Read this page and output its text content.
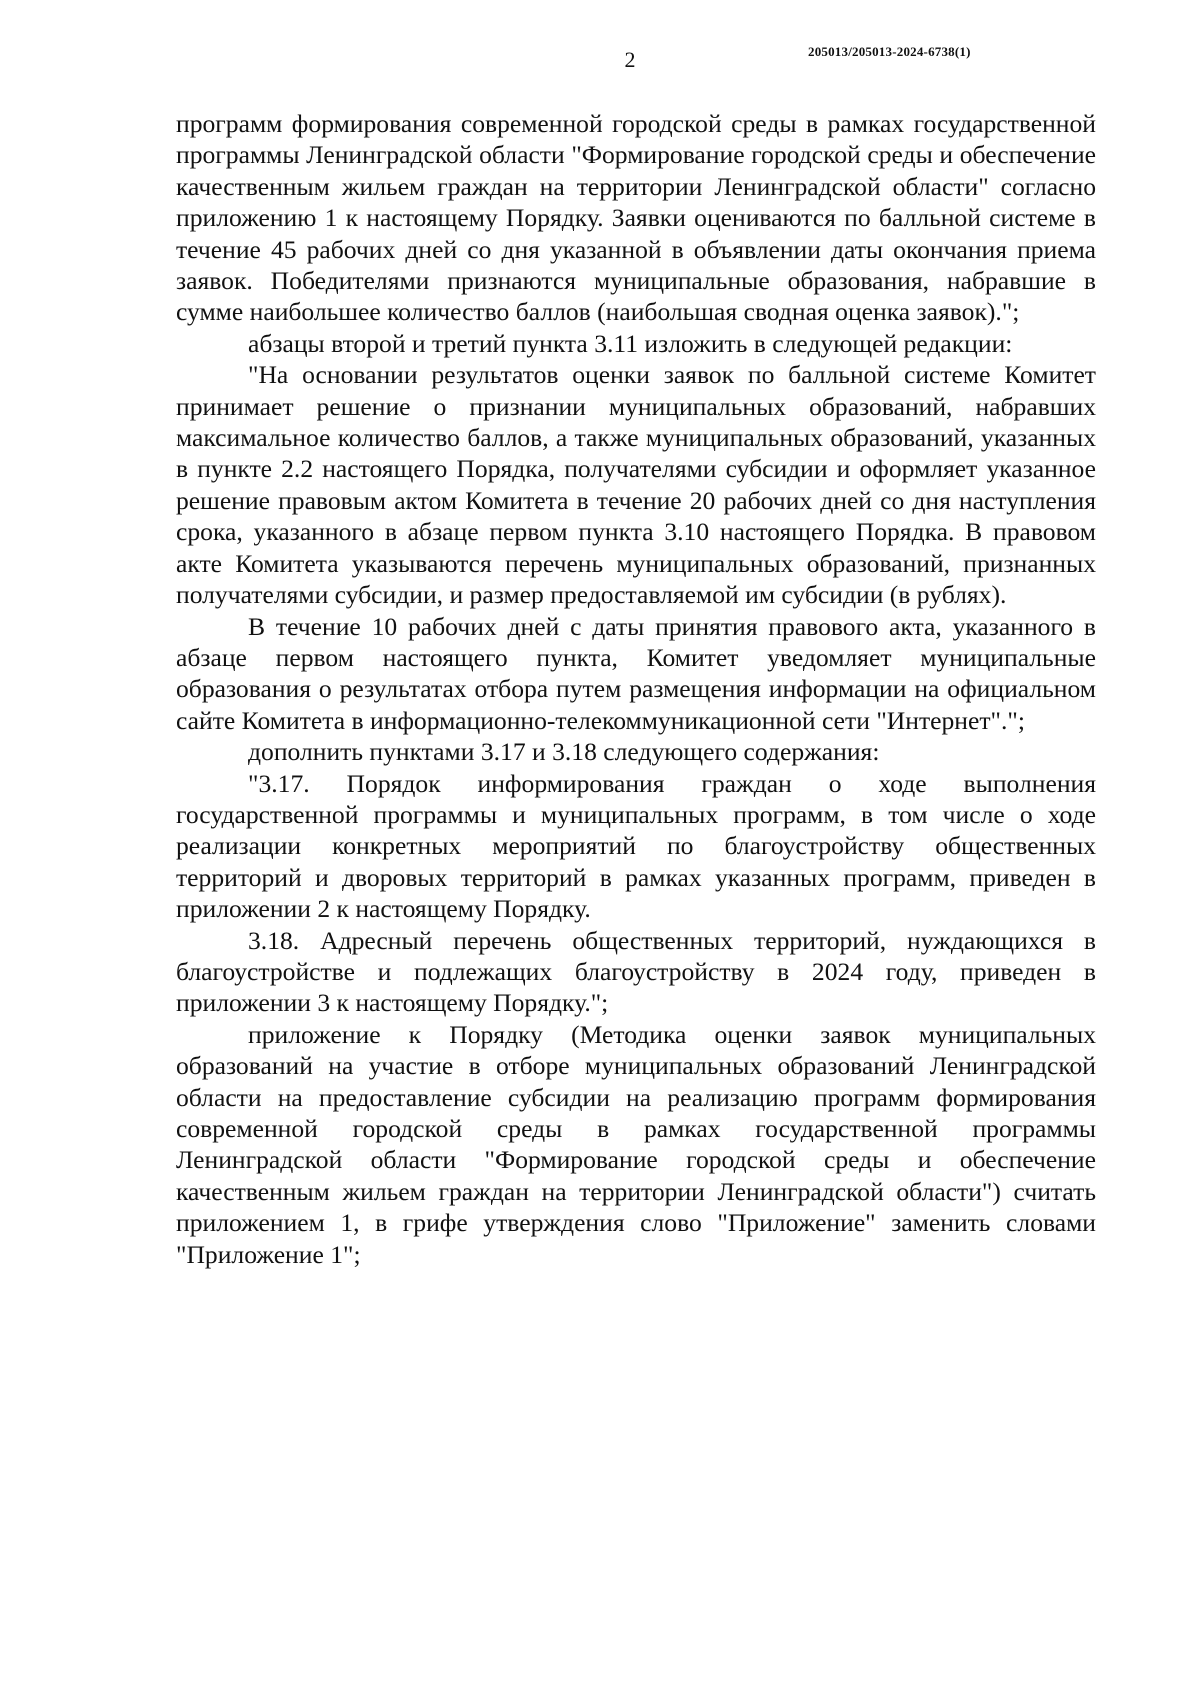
2	205013/205013-2024-6738(1)

программ формирования современной городской среды в рамках государственной программы Ленинградской области "Формирование городской среды и обеспечение качественным жильем граждан на территории Ленинградской области" согласно приложению 1 к настоящему Порядку. Заявки оцениваются по балльной системе в течение 45 рабочих дней со дня указанной в объявлении даты окончания приема заявок. Победителями признаются муниципальные образования, набравшие в сумме наибольшее количество баллов (наибольшая сводная оценка заявок).";

абзацы второй и третий пункта 3.11 изложить в следующей редакции:

"На основании результатов оценки заявок по балльной системе Комитет принимает решение о признании муниципальных образований, набравших максимальное количество баллов, а также муниципальных образований, указанных в пункте 2.2 настоящего Порядка, получателями субсидии и оформляет указанное решение правовым актом Комитета в течение 20 рабочих дней со дня наступления срока, указанного в абзаце первом пункта 3.10 настоящего Порядка. В правовом акте Комитета указываются перечень муниципальных образований, признанных получателями субсидии, и размер предоставляемой им субсидии (в рублях).

В течение 10 рабочих дней с даты принятия правового акта, указанного в абзаце первом настоящего пункта, Комитет уведомляет муниципальные образования о результатах отбора путем размещения информации на официальном сайте Комитета в информационно-телекоммуникационной сети "Интернет".";

дополнить пунктами 3.17 и 3.18 следующего содержания:

"3.17. Порядок информирования граждан о ходе выполнения государственной программы и муниципальных программ, в том числе о ходе реализации конкретных мероприятий по благоустройству общественных территорий и дворовых территорий в рамках указанных программ, приведен в приложении 2 к настоящему Порядку.

3.18. Адресный перечень общественных территорий, нуждающихся в благоустройстве и подлежащих благоустройству в 2024 году, приведен в приложении 3 к настоящему Порядку.";

приложение к Порядку (Методика оценки заявок муниципальных образований на участие в отборе муниципальных образований Ленинградской области на предоставление субсидии на реализацию программ формирования современной городской среды в рамках государственной программы Ленинградской области "Формирование городской среды и обеспечение качественным жильем граждан на территории Ленинградской области") считать приложением 1, в грифе утверждения слово "Приложение" заменить словами "Приложение 1";
